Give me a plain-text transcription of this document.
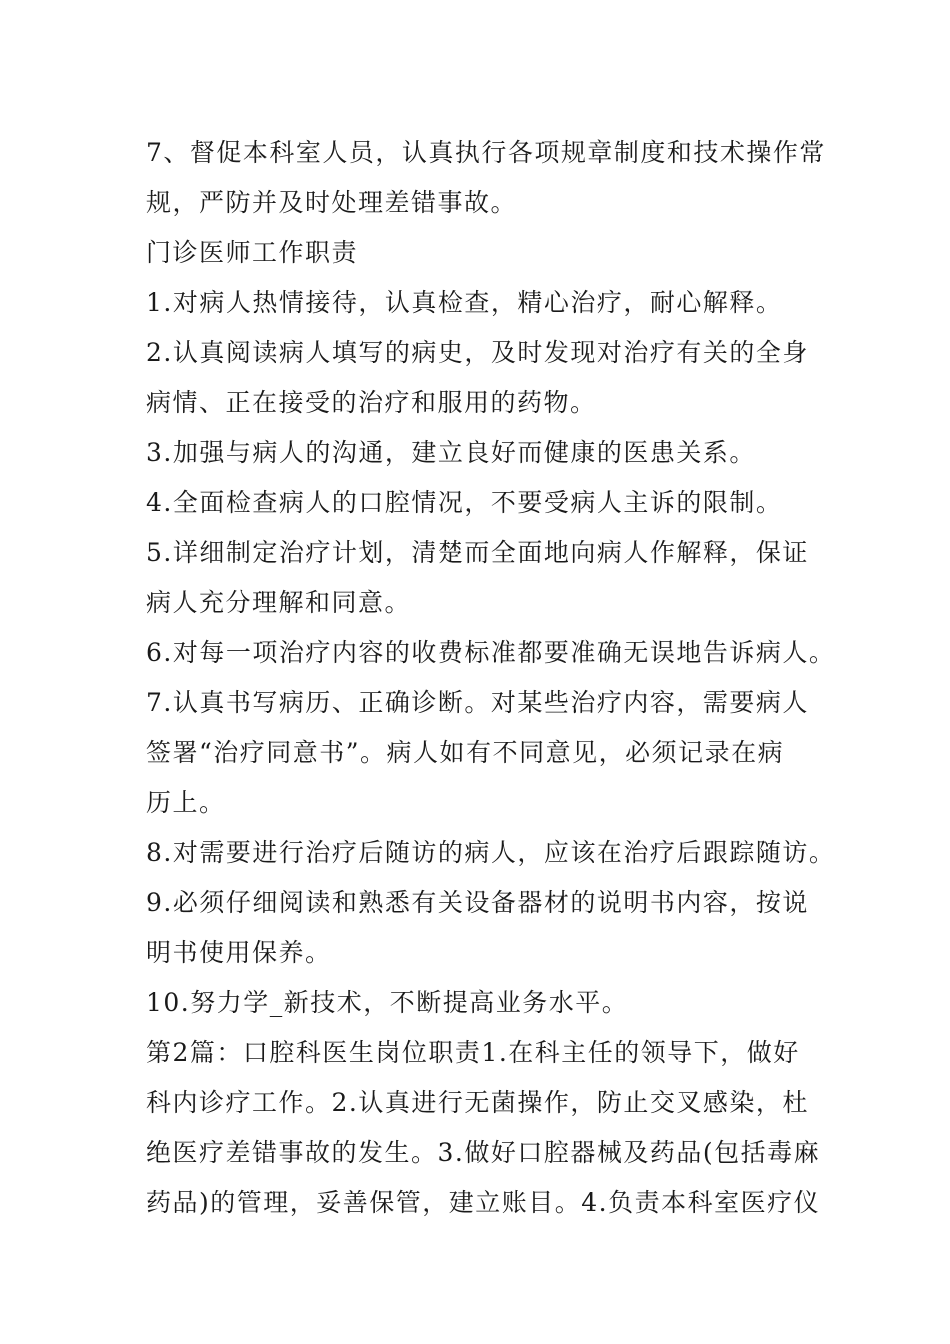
7、督促本科室人员，认真执行各项规章制度和技术操作常
规，严防并及时处理差错事故。
门诊医师工作职责
1.对病人热情接待，认真检查，精心治疗，耐心解释。
2.认真阅读病人填写的病史，及时发现对治疗有关的全身
病情、正在接受的治疗和服用的药物。
3.加强与病人的沟通，建立良好而健康的医患关系。
4.全面检查病人的口腔情况，不要受病人主诉的限制。
5.详细制定治疗计划，清楚而全面地向病人作解释，保证
病人充分理解和同意。
6.对每一项治疗内容的收费标准都要准确无误地告诉病人。
7.认真书写病历、正确诊断。对某些治疗内容，需要病人
签署“治疗同意书”。病人如有不同意见，必须记录在病
历上。
8.对需要进行治疗后随访的病人，应该在治疗后跟踪随访。
9.必须仔细阅读和熟悉有关设备器材的说明书内容，按说
明书使用保养。
10.努力学_新技术，不断提高业务水平。
第2篇：口腔科医生岗位职责1.在科主任的领导下，做好
科内诊疗工作。2.认真进行无菌操作，防止交叉感染，杜
绝医疗差错事故的发生。3.做好口腔器械及药品(包括毒麻
药品)的管理，妥善保管，建立账目。4.负责本科室医疗仪
